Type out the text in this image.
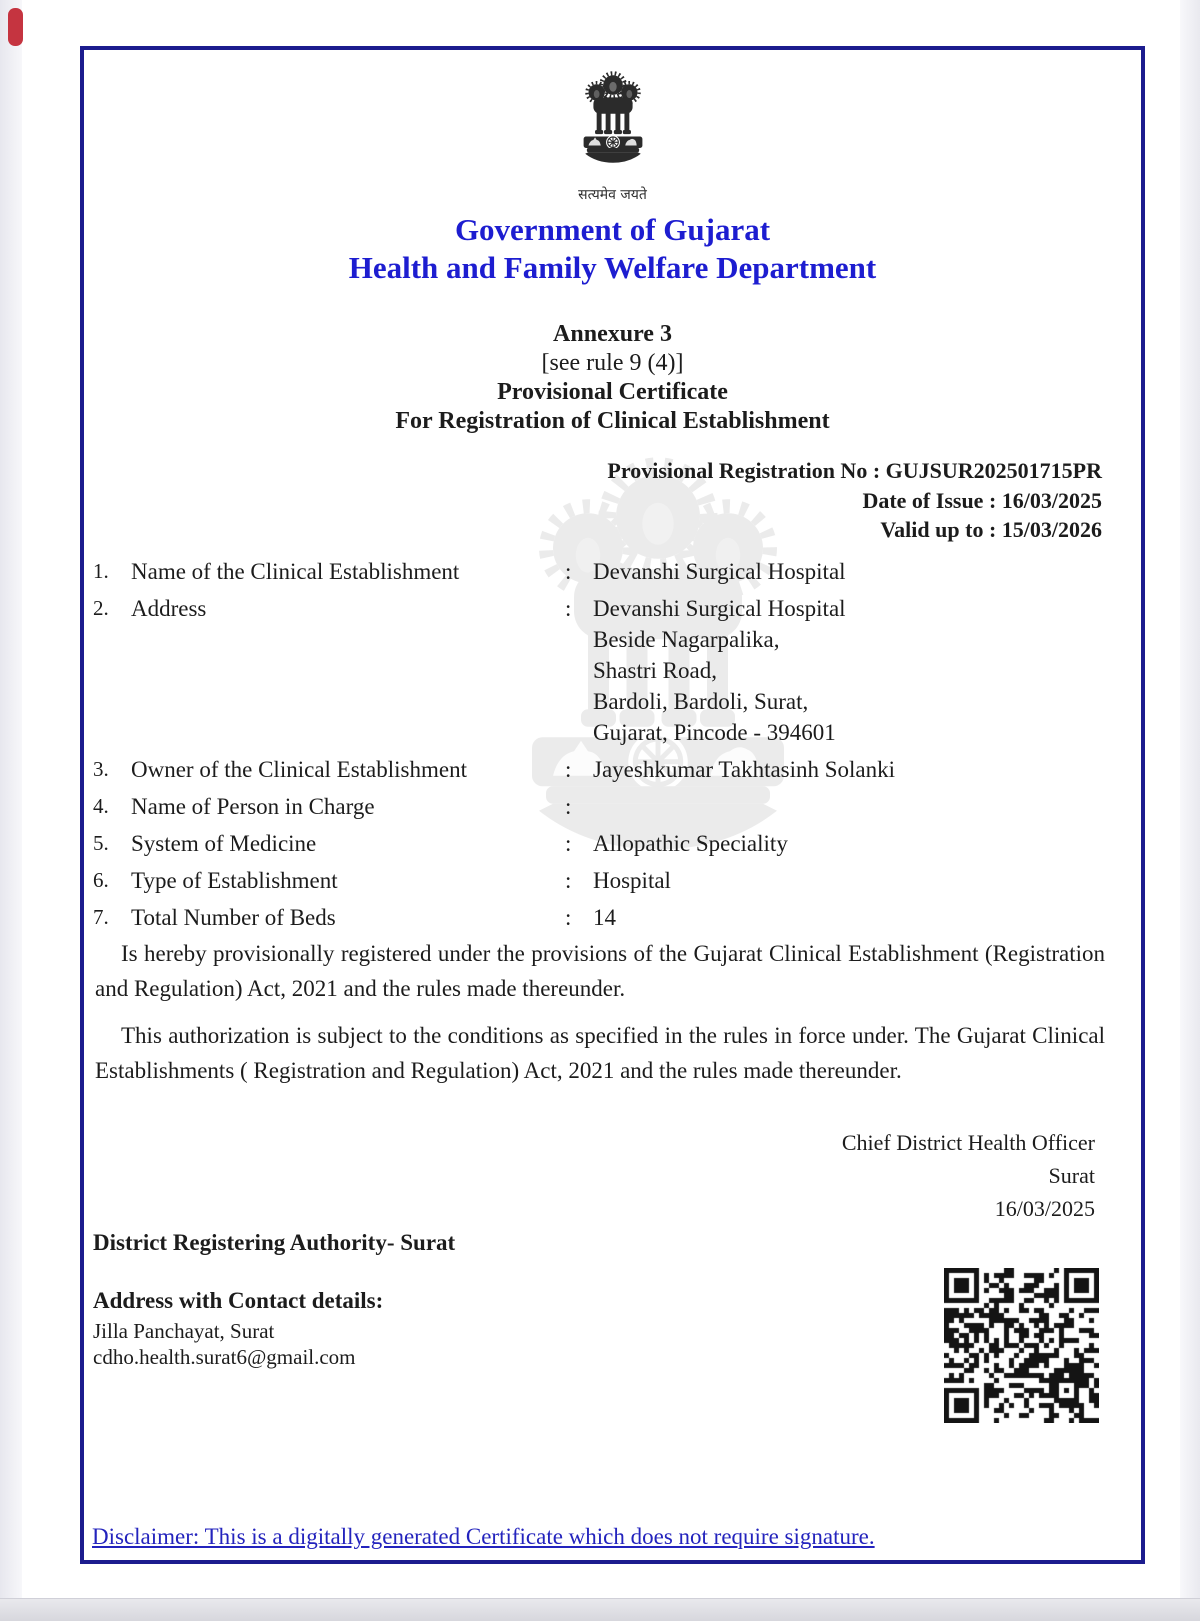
सत्यमेव जयते
Government of Gujarat
Health and Family Welfare Department
Annexure 3
[see rule 9 (4)]
Provisional Certificate
For Registration of Clinical Establishment
Provisional Registration No : GUJSUR202501715PR
Date of Issue : 16/03/2025
Valid up to : 15/03/2026
1. Name of the Clinical Establishment	: Devanshi Surgical Hospital
2. Address	: Devanshi Surgical Hospital
Beside Nagarpalika,
Shastri Road,
Bardoli, Bardoli, Surat,
Gujarat, Pincode - 394601
3. Owner of the Clinical Establishment	: Jayeshkumar Takhtasinh Solanki
4. Name of Person in Charge	:
5. System of Medicine	: Allopathic Speciality
6. Type of Establishment	: Hospital
7. Total Number of Beds	: 14
Is hereby provisionally registered under the provisions of the Gujarat Clinical Establishment (Registration and Regulation) Act, 2021 and the rules made thereunder.
This authorization is subject to the conditions as specified in the rules in force under. The Gujarat Clinical Establishments ( Registration and Regulation) Act, 2021 and the rules made thereunder.
Chief District Health Officer
Surat
16/03/2025
District Registering Authority- Surat
Address with Contact details:
Jilla Panchayat, Surat
cdho.health.surat6@gmail.com
Disclaimer: This is a digitally generated Certificate which does not require signature.
